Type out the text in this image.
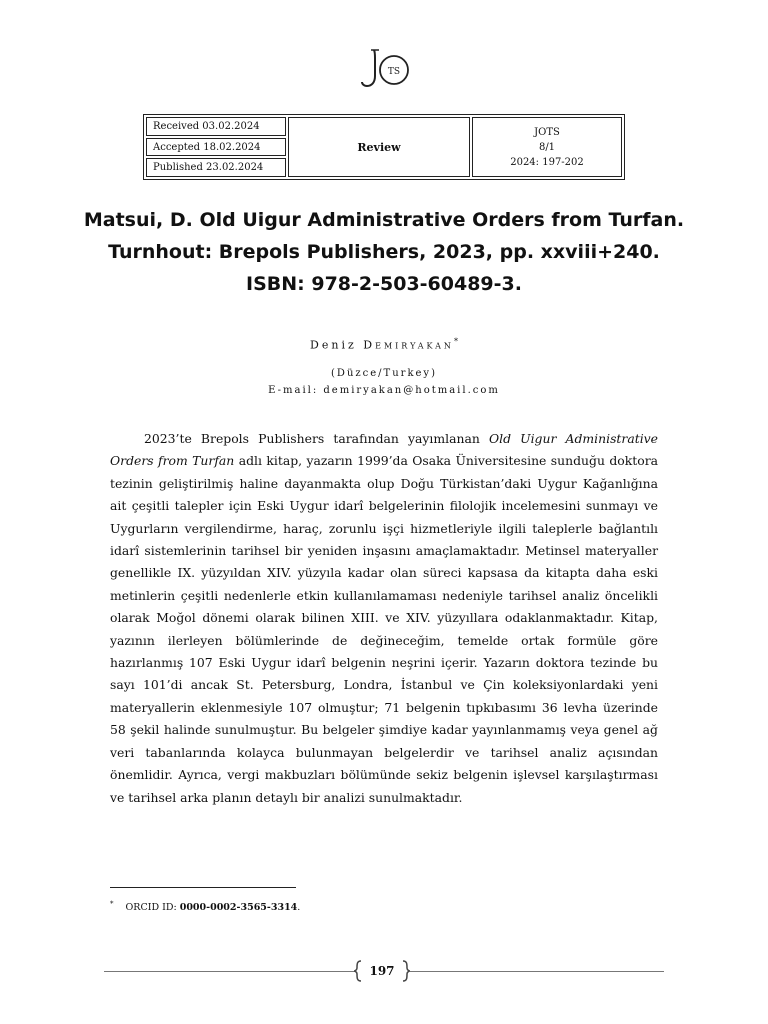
TS
Received 03.02.2024
Accepted 18.02.2024
Published 23.02.2024
Review
JOTS
8/1
2024: 197-202
Matsui, D. Old Uigur Administrative Orders from Turfan. Turnhout: Brepols Publishers, 2023, pp. xxviii+240. ISBN: 978-2-503-60489-3.
Deniz Demiryakan*
(Düzce/Turkey)
E-mail: demiryakan@hotmail.com

2023’te Brepols Publishers tarafından yayımlanan Old Uigur Administrative Orders from Turfan adlı kitap, yazarın 1999’da Osaka Üniversitesine sunduğu doktora tezinin geliştirilmiş haline dayanmakta olup Doğu Türkistan’daki Uygur Kağanlığına ait çeşitli talepler için Eski Uygur idarî belgelerinin filolojik incelemesini sunmayı ve Uygurların vergilendirme, haraç, zorunlu işçi hizmetleriyle ilgili taleplerle bağlantılı idarî sistemlerinin tarihsel bir yeniden inşasını amaçlamaktadır. Metinsel materyaller genellikle IX. yüzyıldan XIV. yüzyıla kadar olan süreci kapsasa da kitapta daha eski metinlerin çeşitli nedenlerle etkin kullanılamaması nedeniyle tarihsel analiz öncelikli olarak Moğol dönemi olarak bilinen XIII. ve XIV. yüzyıllara odaklanmaktadır. Kitap, yazının ilerleyen bölümlerinde de değineceğim, temelde ortak formüle göre hazırlanmış 107 Eski Uygur idarî belgenin neşrini içerir. Yazarın doktora tezinde bu sayı 101’di ancak St. Petersburg, Londra, İstanbul ve Çin koleksiyonlardaki yeni materyallerin eklenmesiyle 107 olmuştur; 71 belgenin tıpkıbasımı 36 levha üzerinde 58 şekil halinde sunulmuştur. Bu belgeler şimdiye kadar yayınlanmamış veya genel ağ veri tabanlarında kolayca bulunmayan belgelerdir ve tarihsel analiz açısından önemlidir. Ayrıca, vergi makbuzları bölümünde sekiz belgenin işlevsel karşılaştırması ve tarihsel arka planın detaylı bir analizi sunulmaktadır.

* ORCID ID: 0000-0002-3565-3314.
197
